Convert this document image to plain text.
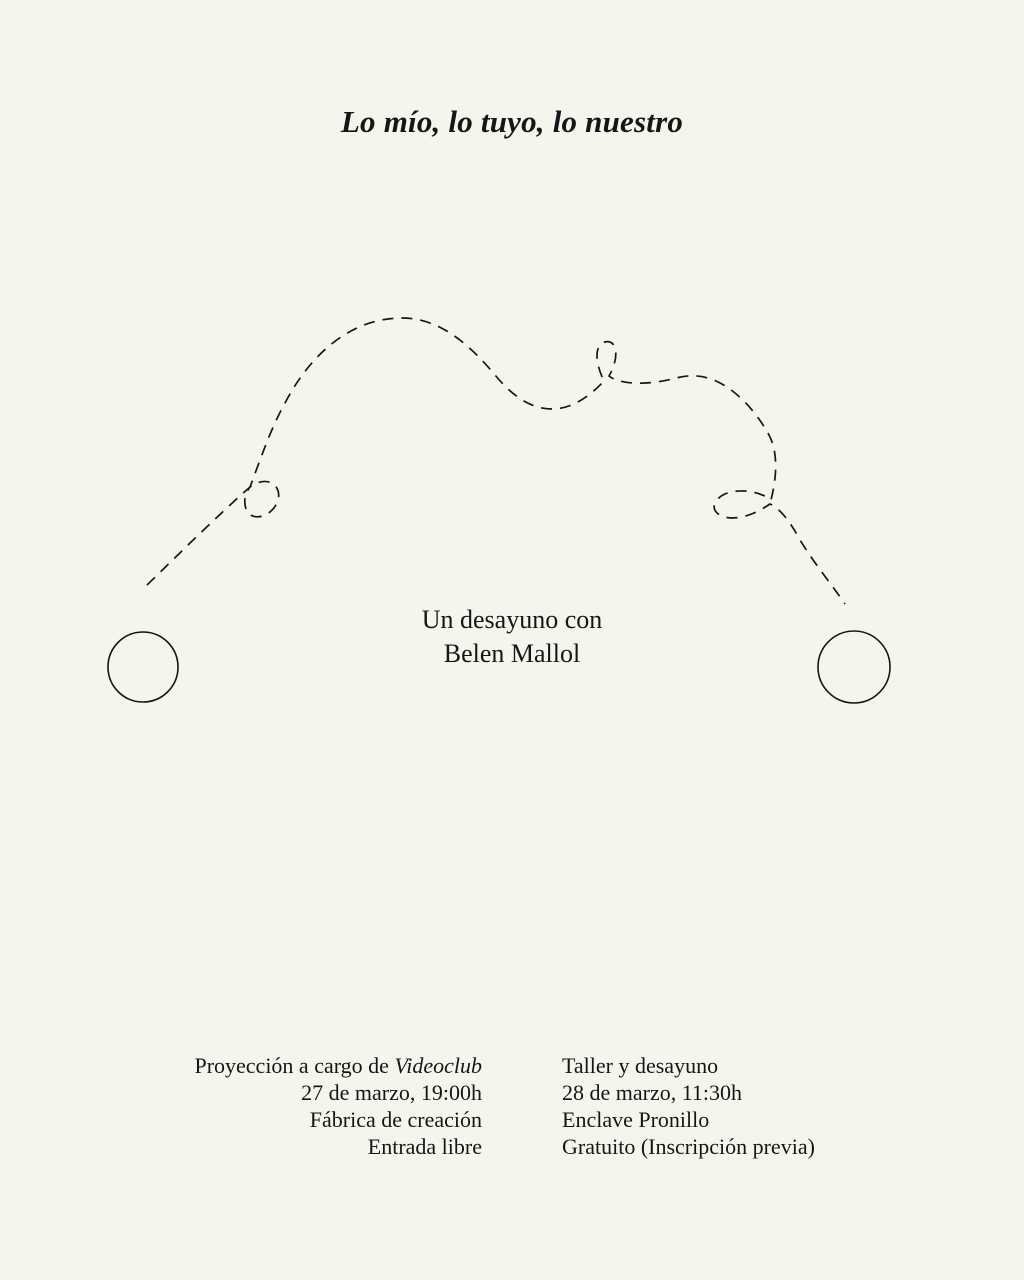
Lo mío, lo tuyo, lo nuestro
Un desayuno con
Belen Mallol
Proyección a cargo de Videoclub
27 de marzo, 19:00h
Fábrica de creación
Entrada libre
Taller y desayuno
28 de marzo, 11:30h
Enclave Pronillo
Gratuito (Inscripción previa)
